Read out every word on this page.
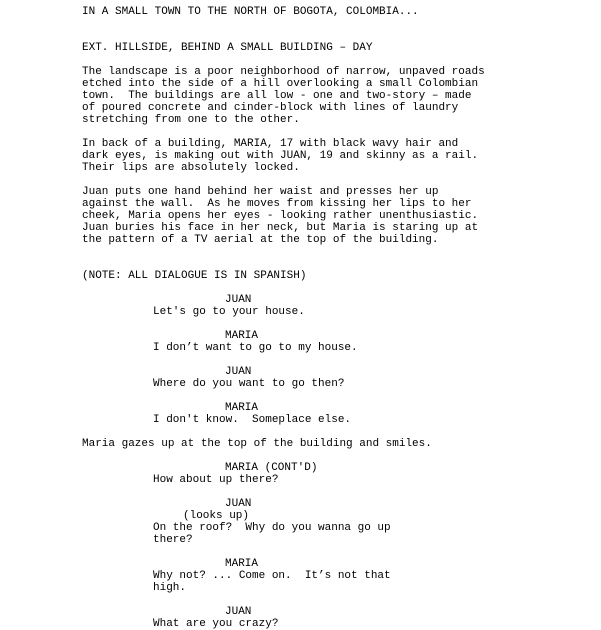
IN A SMALL TOWN TO THE NORTH OF BOGOTA, COLOMBIA...
EXT. HILLSIDE, BEHIND A SMALL BUILDING – DAY
The landscape is a poor neighborhood of narrow, unpaved roads
etched into the side of a hill overlooking a small Colombian
town.  The buildings are all low - one and two-story – made
of poured concrete and cinder-block with lines of laundry
stretching from one to the other.
In back of a building, MARIA, 17 with black wavy hair and
dark eyes, is making out with JUAN, 19 and skinny as a rail.
Their lips are absolutely locked.
Juan puts one hand behind her waist and presses her up
against the wall.  As he moves from kissing her lips to her
cheek, Maria opens her eyes - looking rather unenthusiastic.
Juan buries his face in her neck, but Maria is staring up at
the pattern of a TV aerial at the top of the building.
(NOTE: ALL DIALOGUE IS IN SPANISH)
JUAN
Let's go to your house.
MARIA
I don’t want to go to my house.
JUAN
Where do you want to go then?
MARIA
I don't know.  Someplace else.
Maria gazes up at the top of the building and smiles.
MARIA (CONT'D)
How about up there?
JUAN
(looks up)
On the roof?  Why do you wanna go up
there?
MARIA
Why not? ... Come on.  It’s not that
high.
JUAN
What are you crazy?
